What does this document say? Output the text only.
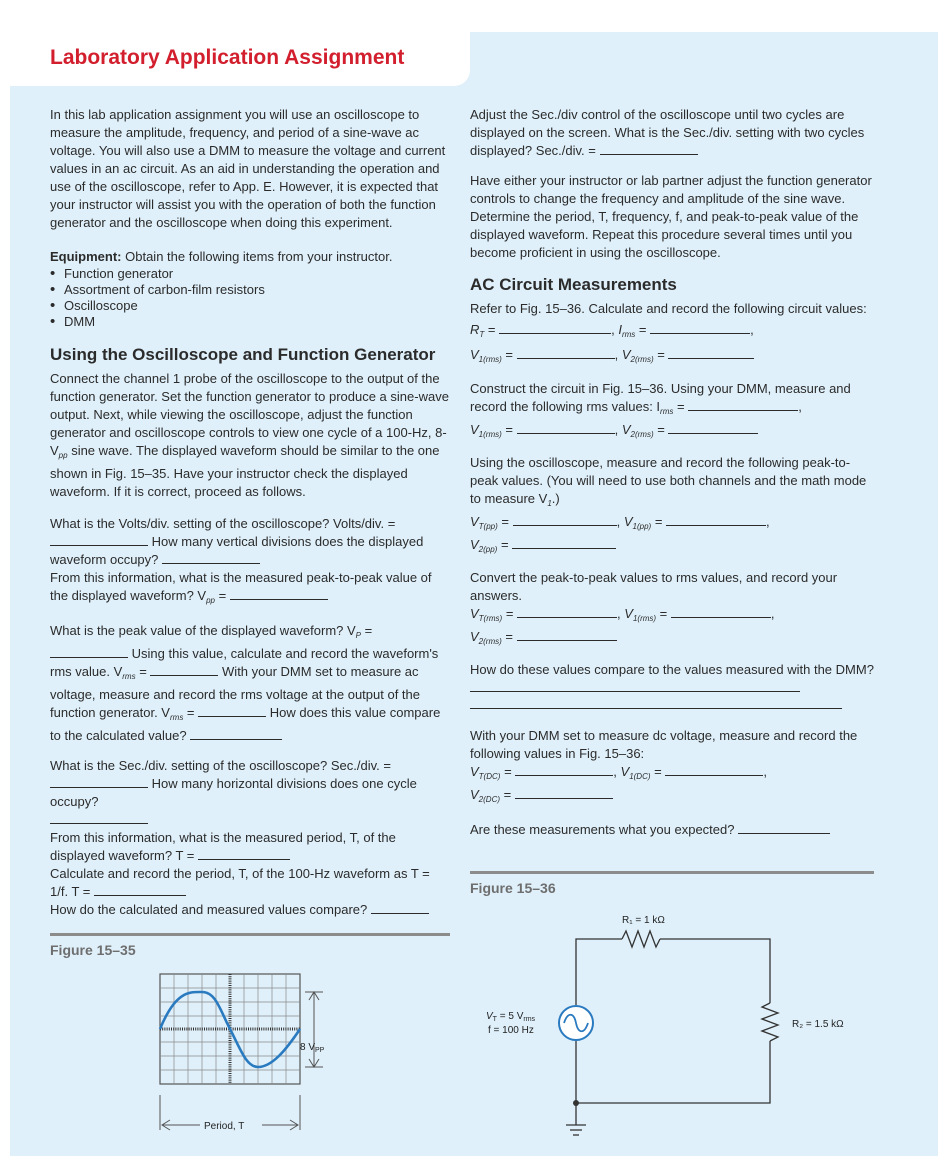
Laboratory Application Assignment

In this lab application assignment you will use an oscilloscope to measure the amplitude, frequency, and period of a sine-wave ac voltage. You will also use a DMM to measure the voltage and current values in an ac circuit. As an aid in understanding the operation and use of the oscilloscope, refer to App. E. However, it is expected that your instructor will assist you with the operation of both the function generator and the oscilloscope when doing this experiment.

Equipment: Obtain the following items from your instructor.

• Function generator
• Assortment of carbon-film resistors
• Oscilloscope
• DMM
Using the Oscilloscope and Function Generator

Connect the channel 1 probe of the oscilloscope to the output of the function generator. Set the function generator to produce a sine-wave output. Next, while viewing the oscilloscope, adjust the function generator and oscilloscope controls to view one cycle of a 100-Hz, $8-V_{pp}$ sine wave. The displayed waveform should be similar to the one shown in Fig. 15–35. Have your instructor check the displayed waveform. If it is correct, proceed as follows.

What is the Volts/div. setting of the oscilloscope? Volts/div. =
How many vertical divisions does the displayed waveform occupy?
From this information, what is the measured peak-to-peak value of the displayed waveform? $V_{pp}$ =

What is the peak value of the displayed waveform? $V_P$ =
Using this value, calculate and record the waveform's rms value. $V_{rms}$ =	With your DMM set to measure ac voltage, measure and record the rms voltage at the output of the function generator. $V_{rms}$ =	How does this value compare to the calculated value?

What is the Sec./div. setting of the oscilloscope? Sec./div. =
How many horizontal divisions does one cycle occupy?

From this information, what is the measured period, T, of the displayed waveform? T =
Calculate and record the period, T, of the 100-Hz waveform as T = 1/f. T =
How do the calculated and measured values compare?

Adjust the Sec./div control of the oscilloscope until two cycles are displayed on the screen. What is the Sec./div. setting with two cycles displayed? Sec./div. =

Have either your instructor or lab partner adjust the function generator controls to change the frequency and amplitude of the sine wave. Determine the period, T, frequency, f, and peak-to-peak value of the displayed waveform. Repeat this procedure several times until you become proficient in using the oscilloscope.

AC Circuit Measurements

Refer to Fig. 15–36. Calculate and record the following circuit values:

$R_T$ =	, $I_{rms}$ =	,
$V_{1(rms)}$ =	, $V_{2(rms)}$ =

Construct the circuit in Fig. 15–36. Using your DMM, measure and record the following rms values: $I_{rms}$ =	,
$V_{1(rms)}$ =	, $V_{2(rms)}$ =

Using the oscilloscope, measure and record the following peak-to-peak values. (You will need to use both channels and the math mode to measure $V_1$.)
$V_{T(pp)}$ =	, $V_{1(pp)}$ =	,
$V_{2(pp)}$ =

Convert the peak-to-peak values to rms values, and record your answers.
$V_{T(rms)}$ =	, $V_{1(rms)}$ =	,
$V_{2(rms)}$ =

How do these values compare to the values measured with the DMM?

With your DMM set to measure dc voltage, measure and record the following values in Fig. 15–36:
$V_{T(DC)}$ =	, $V_{1(DC)}$ =	,
$V_{2(DC)}$ =

Are these measurements what you expected?

Figure 15–35
8 $V_{PP}$
Period, T
Figure 15–36
R₁ = 1 kΩ
R₂ = 1.5 kΩ
$V_T = 5$ $V_{rms}$
f = 100 Hz
